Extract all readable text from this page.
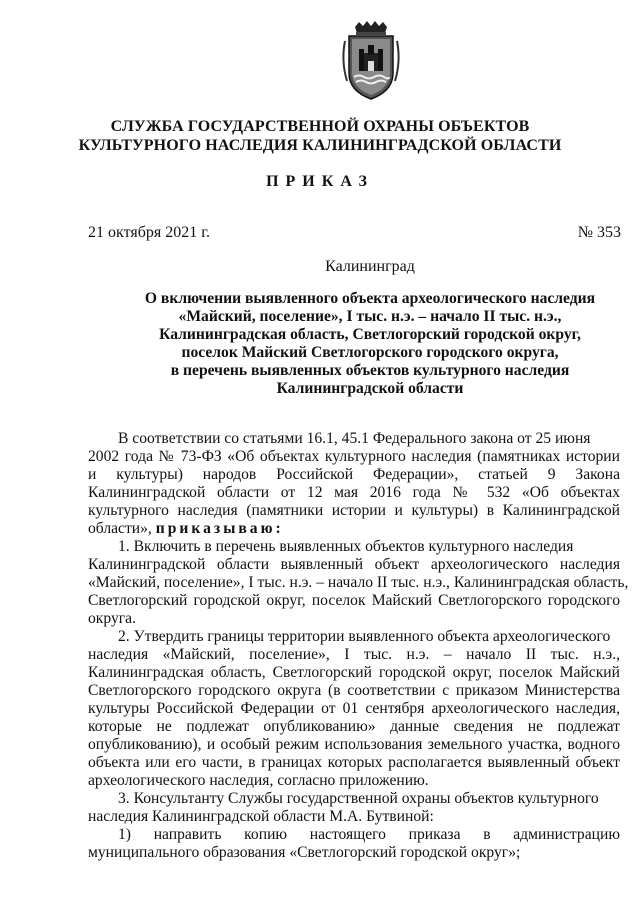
СЛУЖБА ГОСУДАРСТВЕННОЙ ОХРАНЫ ОБЪЕКТОВ
КУЛЬТУРНОГО НАСЛЕДИЯ КАЛИНИНГРАДСКОЙ ОБЛАСТИ
ПРИКАЗ
21 октября 2021 г.	№ 353
Калининград
О включении выявленного объекта археологического наследия
«Майский, поселение», I тыс. н.э. – начало II тыс. н.э.,
Калининградская область, Светлогорский городской округ,
поселок Майский Светлогорского городского округа,
в перечень выявленных объектов культурного наследия
Калининградской области
В соответствии со статьями 16.1, 45.1 Федерального закона от 25 июня
2002 года № 73-ФЗ «Об объектах культурного наследия (памятниках истории
и культуры) народов Российской Федерации», статьей 9 Закона
Калининградской области от 12 мая 2016 года № 532 «Об объектах
культурного наследия (памятники истории и культуры) в Калининградской
области», приказываю:
1. Включить в перечень выявленных объектов культурного наследия
Калининградской области выявленный объект археологического наследия
«Майский, поселение», I тыс. н.э. – начало II тыс. н.э., Калининградская область,
Светлогорский городской округ, поселок Майский Светлогорского городского
округа.
2. Утвердить границы территории выявленного объекта археологического
наследия «Майский, поселение», I тыс. н.э. – начало II тыс. н.э.,
Калининградская область, Светлогорский городской округ, поселок Майский
Светлогорского городского округа (в соответствии с приказом Министерства
культуры Российской Федерации от 01 сентября археологического наследия,
которые не подлежат опубликованию» данные сведения не подлежат
опубликованию), и особый режим использования земельного участка, водного
объекта или его части, в границах которых располагается выявленный объект
археологического наследия, согласно приложению.
3. Консультанту Службы государственной охраны объектов культурного
наследия Калининградской области М.А. Бутвиной:
1) направить копию настоящего приказа в администрацию
муниципального образования «Светлогорский городской округ»;
